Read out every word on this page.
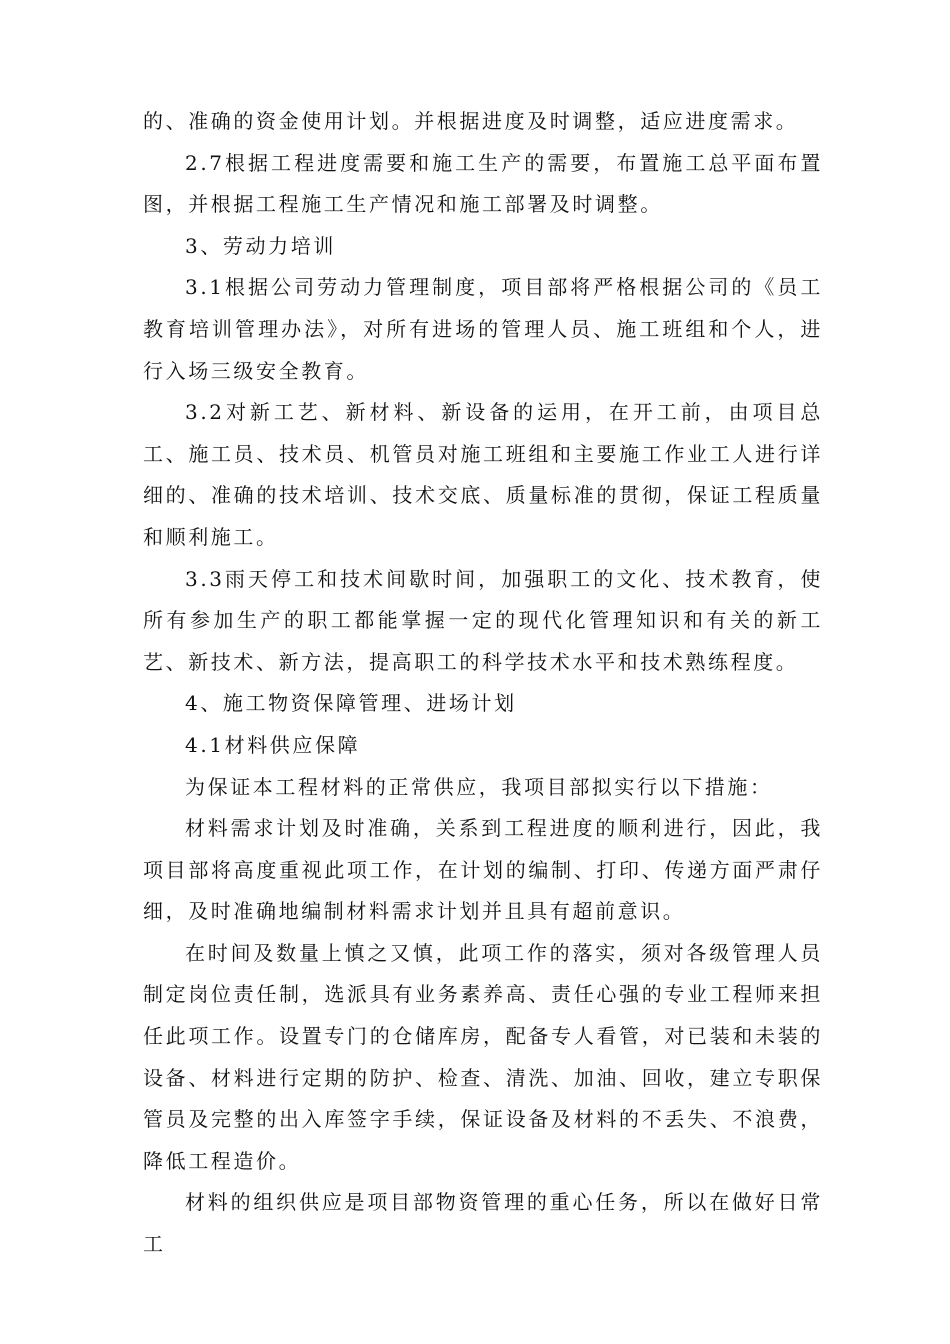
的、准确的资金使用计划。并根据进度及时调整，适应进度需求。

2.7根据工程进度需要和施工生产的需要，布置施工总平面布置图，并根据工程施工生产情况和施工部署及时调整。

3、劳动力培训

3.1根据公司劳动力管理制度，项目部将严格根据公司的《员工教育培训管理办法》，对所有进场的管理人员、施工班组和个人，进行入场三级安全教育。

3.2对新工艺、新材料、新设备的运用，在开工前，由项目总工、施工员、技术员、机管员对施工班组和主要施工作业工人进行详细的、准确的技术培训、技术交底、质量标准的贯彻，保证工程质量和顺利施工。

3.3雨天停工和技术间歇时间，加强职工的文化、技术教育，使所有参加生产的职工都能掌握一定的现代化管理知识和有关的新工艺、新技术、新方法，提高职工的科学技术水平和技术熟练程度。

4、施工物资保障管理、进场计划

4.1材料供应保障

为保证本工程材料的正常供应，我项目部拟实行以下措施：

材料需求计划及时准确，关系到工程进度的顺利进行，因此，我项目部将高度重视此项工作，在计划的编制、打印、传递方面严肃仔细，及时准确地编制材料需求计划并且具有超前意识。

在时间及数量上慎之又慎，此项工作的落实，须对各级管理人员制定岗位责任制，选派具有业务素养高、责任心强的专业工程师来担任此项工作。设置专门的仓储库房，配备专人看管，对已装和未装的设备、材料进行定期的防护、检查、清洗、加油、回收，建立专职保管员及完整的出入库签字手续，保证设备及材料的不丢失、不浪费，降低工程造价。

材料的组织供应是项目部物资管理的重心任务，所以在做好日常工
